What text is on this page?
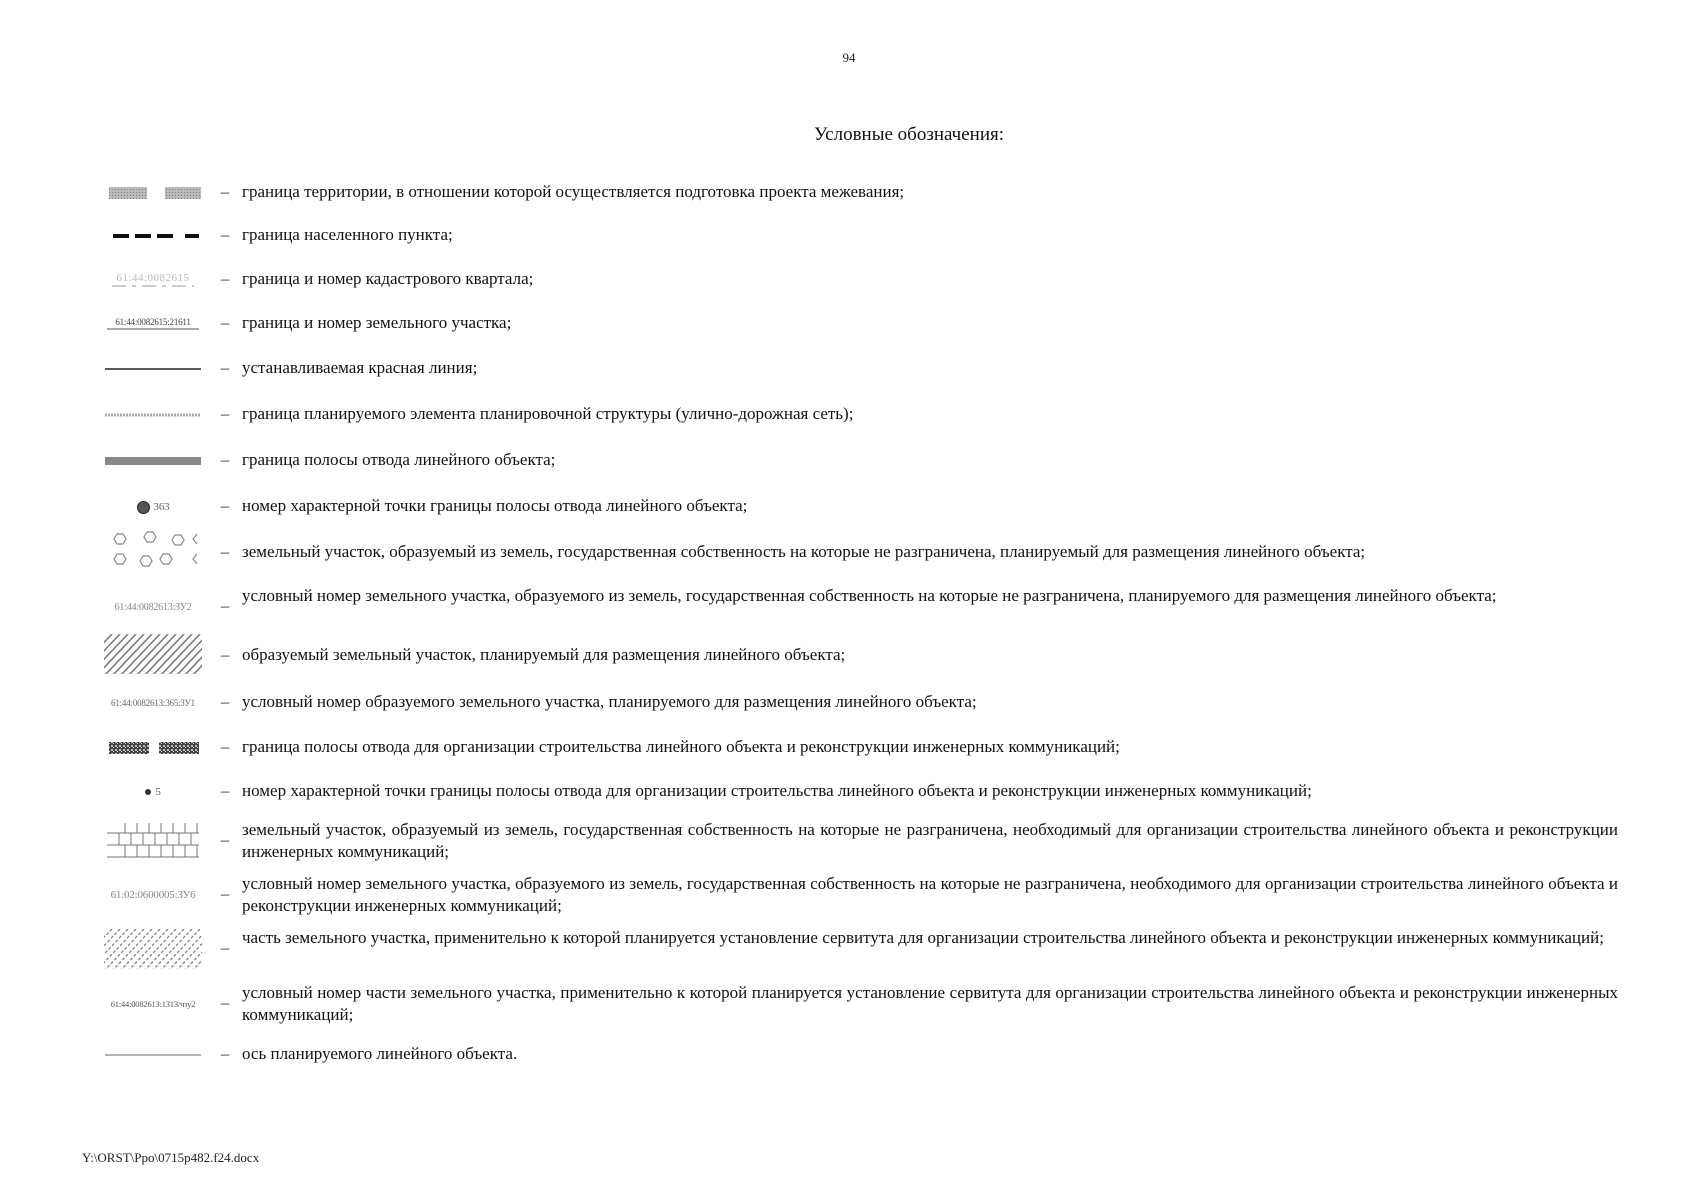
94
Условные обозначения:
– граница территории, в отношении которой осуществляется подготовка проекта межевания;
– граница населенного пункта;
61:44:0082615	– граница и номер кадастрового квартала;
61:44:0082615:21611	– граница и номер земельного участка;
– устанавливаемая красная линия;
– граница планируемого элемента планировочной структуры (улично-дорожная сеть);
– граница полосы отвода линейного объекта;
363	– номер характерной точки границы полосы отвода линейного объекта;
– земельный участок, образуемый из земель, государственная собственность на которые не разграничена, планируемый для размещения линейного объекта;
61:44:0082613:ЗУ2	–
условный номер земельного участка, образуемого из земель, государственная собственность на которые не разграничена, планируемого для размещения линейного объекта;
– образуемый земельный участок, планируемый для размещения линейного объекта;
61:44:0082613:365:ЗУ1	– условный номер образуемого земельного участка, планируемого для размещения линейного объекта;
– граница полосы отвода для организации строительства линейного объекта и реконструкции инженерных коммуникаций;
5	– номер характерной точки границы полосы отвода для организации строительства линейного объекта и реконструкции инженерных коммуникаций;
–
земельный участок, образуемый из земель, государственная собственность на которые не разграничена, необходимый для организации строительства линейного объекта и реконструкции инженерных коммуникаций;
61:02:0600005:ЗУ6	–
условный номер земельного участка, образуемого из земель, государственная собственность на которые не разграничена, необходимого для организации строительства линейного объекта и реконструкции инженерных коммуникаций;
–
часть земельного участка, применительно к которой планируется установление сервитута для организации строительства линейного объекта и реконструкции инженерных коммуникаций;
61:44:0082613:1313/чзу2	–
условный номер части земельного участка, применительно к которой планируется установление сервитута для организации строительства линейного объекта и реконструкции инженерных коммуникаций;
– ось планируемого линейного объекта.
Y:\ORST\Ppo\0715p482.f24.docx
